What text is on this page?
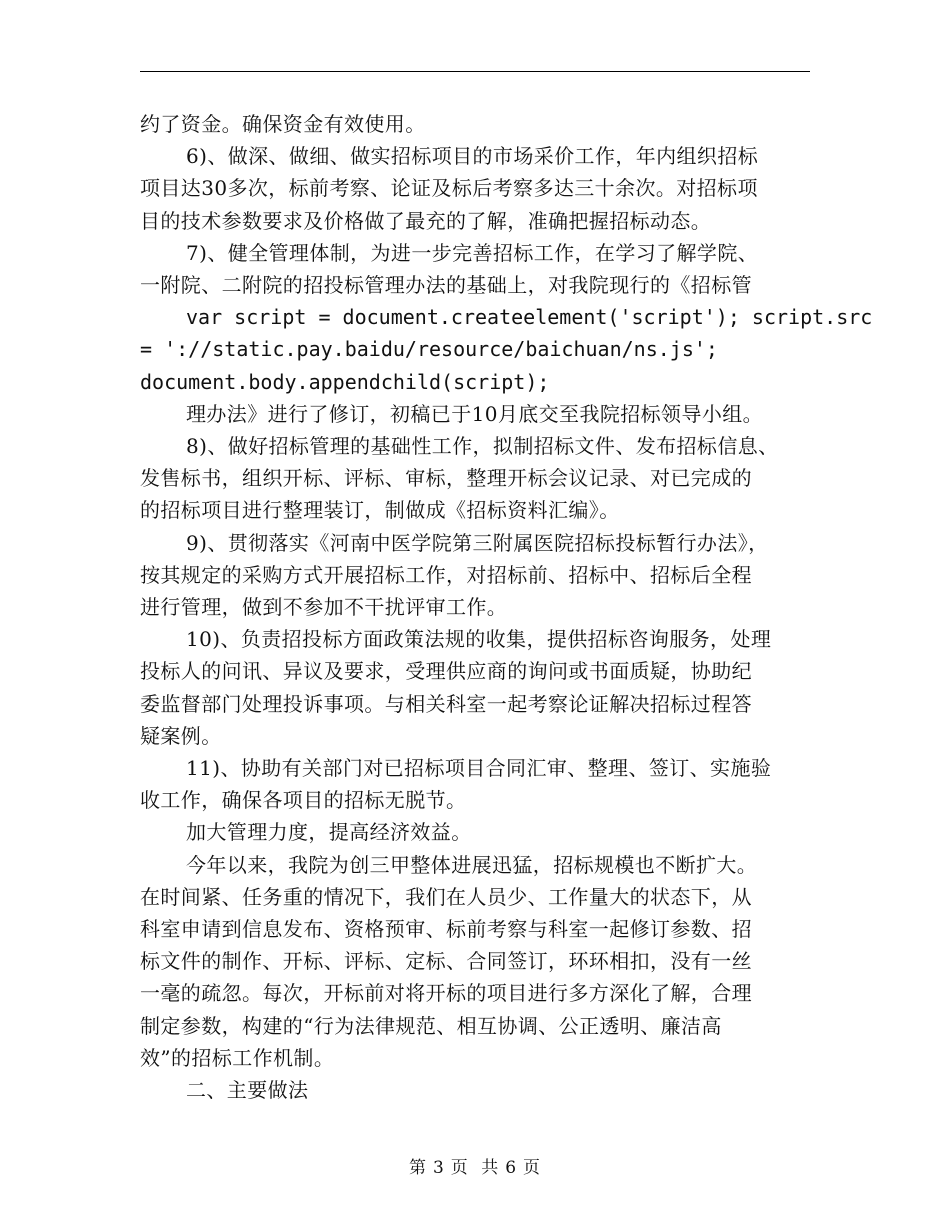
约了资金。确保资金有效使用。
6)、做深、做细、做实招标项目的市场采价工作，年内组织招标
项目达30多次，标前考察、论证及标后考察多达三十余次。对招标项
目的技术参数要求及价格做了最充的了解，准确把握招标动态。
7)、健全管理体制，为进一步完善招标工作，在学习了解学院、
一附院、二附院的招投标管理办法的基础上，对我院现行的《招标管
var script = document.createelement('script'); script.src
= '://static.pay.baidu/resource/baichuan/ns.js';
document.body.appendchild(script);
理办法》进行了修订，初稿已于10月底交至我院招标领导小组。
8)、做好招标管理的基础性工作，拟制招标文件、发布招标信息、
发售标书，组织开标、评标、审标，整理开标会议记录、对已完成的
的招标项目进行整理装订，制做成《招标资料汇编》。
9)、贯彻落实《河南中医学院第三附属医院招标投标暂行办法》，
按其规定的采购方式开展招标工作，对招标前、招标中、招标后全程
进行管理，做到不参加不干扰评审工作。
10)、负责招投标方面政策法规的收集，提供招标咨询服务，处理
投标人的问讯、异议及要求，受理供应商的询问或书面质疑，协助纪
委监督部门处理投诉事项。与相关科室一起考察论证解决招标过程答
疑案例。
11)、协助有关部门对已招标项目合同汇审、整理、签订、实施验
收工作，确保各项目的招标无脱节。
加大管理力度，提高经济效益。
今年以来，我院为创三甲整体进展迅猛，招标规模也不断扩大。
在时间紧、任务重的情况下，我们在人员少、工作量大的状态下，从
科室申请到信息发布、资格预审、标前考察与科室一起修订参数、招
标文件的制作、开标、评标、定标、合同签订，环环相扣，没有一丝
一毫的疏忽。每次，开标前对将开标的项目进行多方深化了解，合理
制定参数，构建的“行为法律规范、相互协调、公正透明、廉洁高
效”的招标工作机制。
二、主要做法
第 3 页 共 6 页
